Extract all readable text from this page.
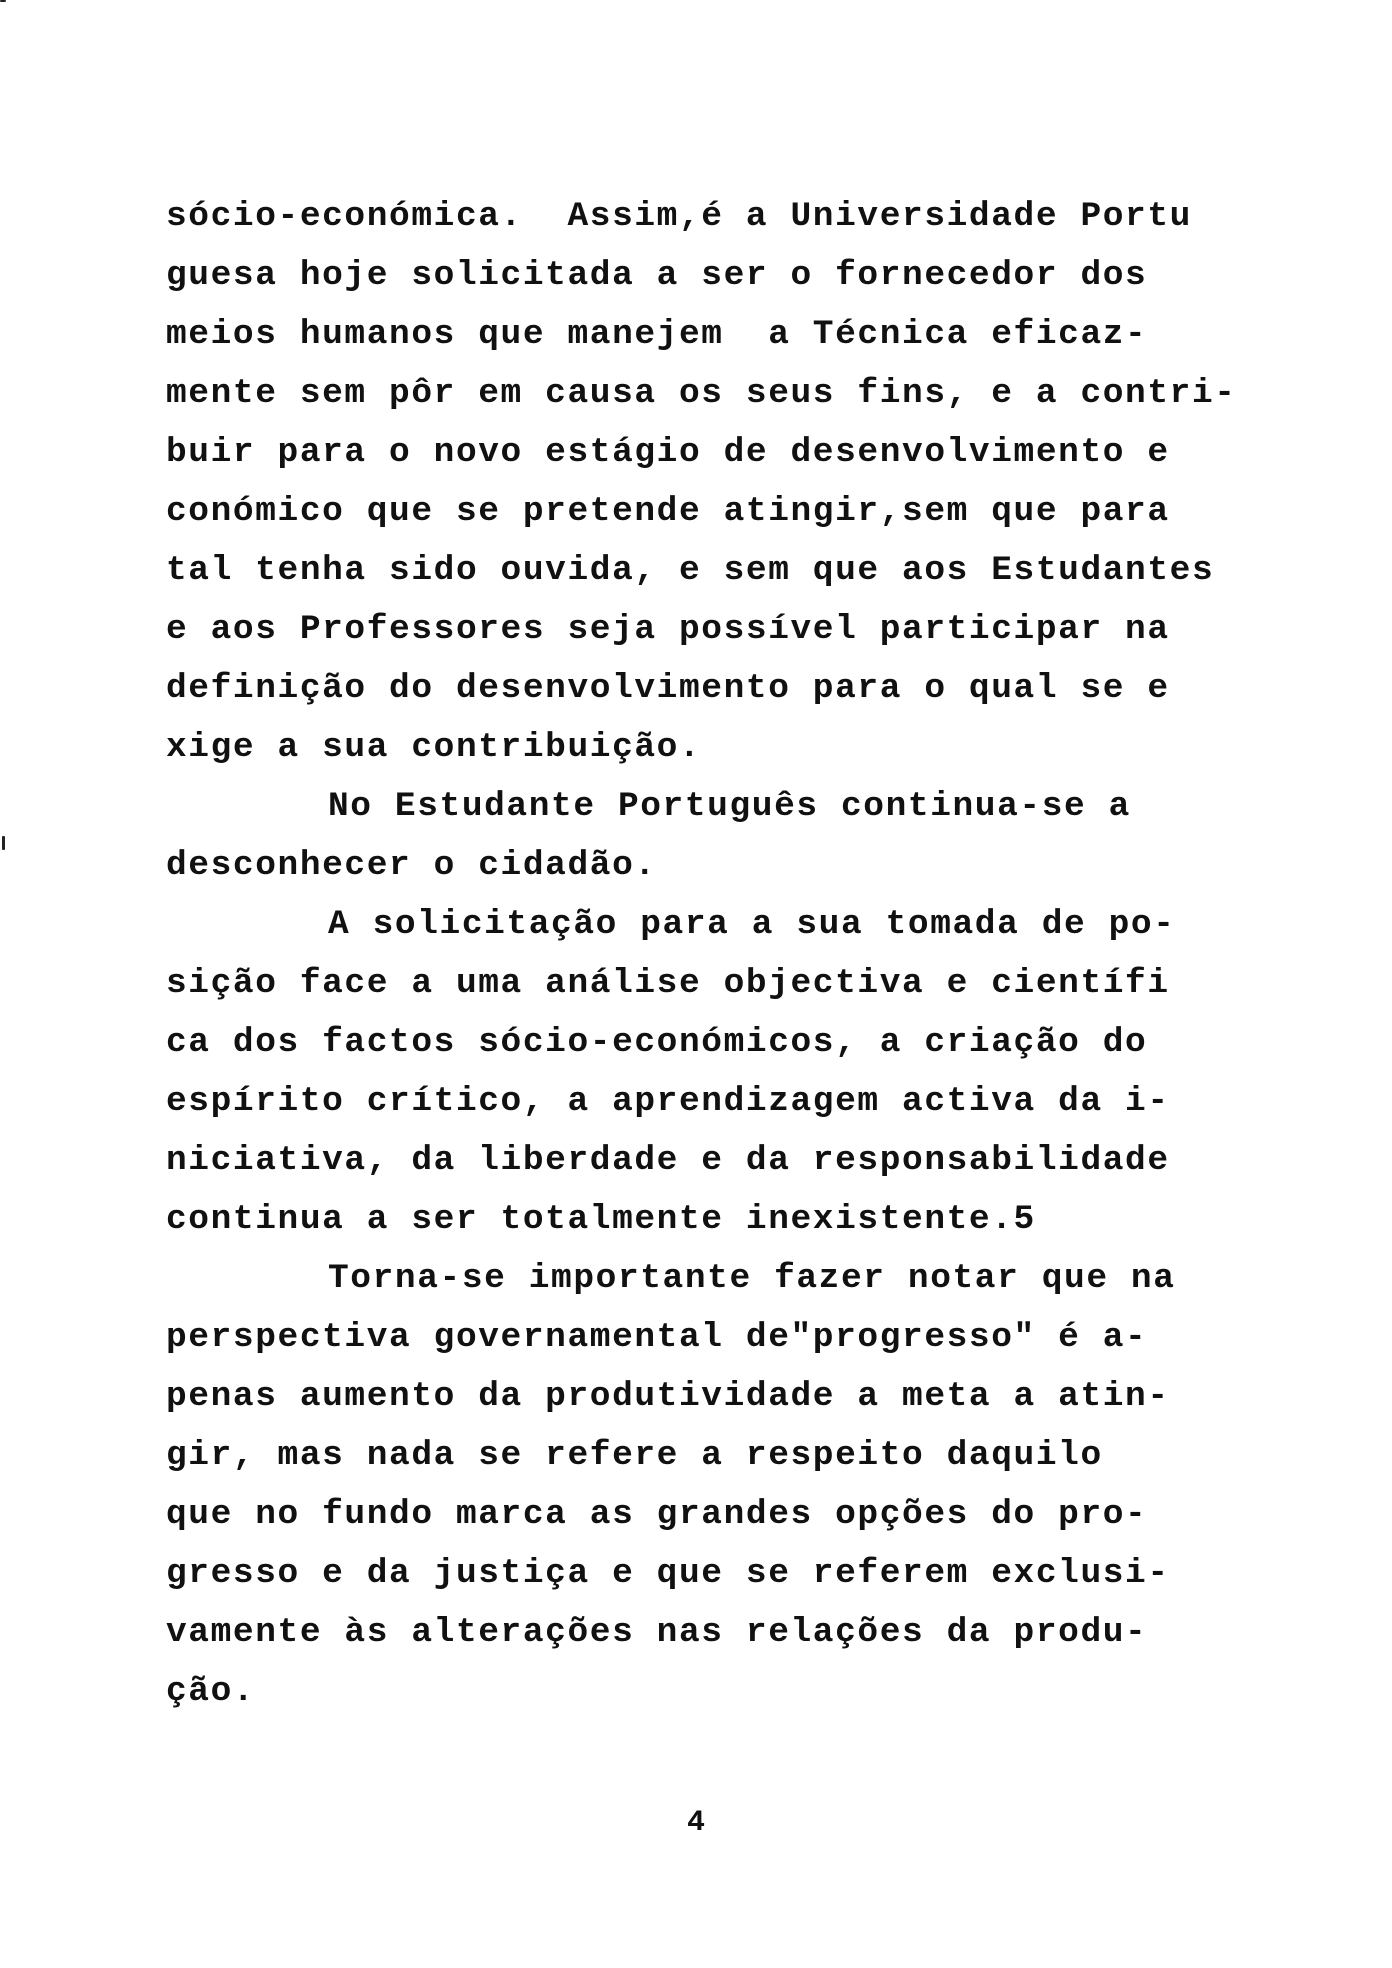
sócio-económica.  Assim,é a Universidade Portu
guesa hoje solicitada a ser o fornecedor dos
meios humanos que manejem  a Técnica eficaz-
mente sem pôr em causa os seus fins, e a contri-
buir para o novo estágio de desenvolvimento e
conómico que se pretende atingir,sem que para
tal tenha sido ouvida, e sem que aos Estudantes
e aos Professores seja possível participar na
definição do desenvolvimento para o qual se e
xige a sua contribuição.
No Estudante Português continua-se a
desconhecer o cidadão.
A solicitação para a sua tomada de po-
sição face a uma análise objectiva e científi
ca dos factos sócio-económicos, a criação do
espírito crítico, a aprendizagem activa da i-
niciativa, da liberdade e da responsabilidade
continua a ser totalmente inexistente.5
Torna-se importante fazer notar que na
perspectiva governamental de"progresso" é a-
penas aumento da produtividade a meta a atin-
gir, mas nada se refere a respeito daquilo
que no fundo marca as grandes opções do pro-
gresso e da justiça e que se referem exclusi-
vamente às alterações nas relações da produ-
ção.
4
